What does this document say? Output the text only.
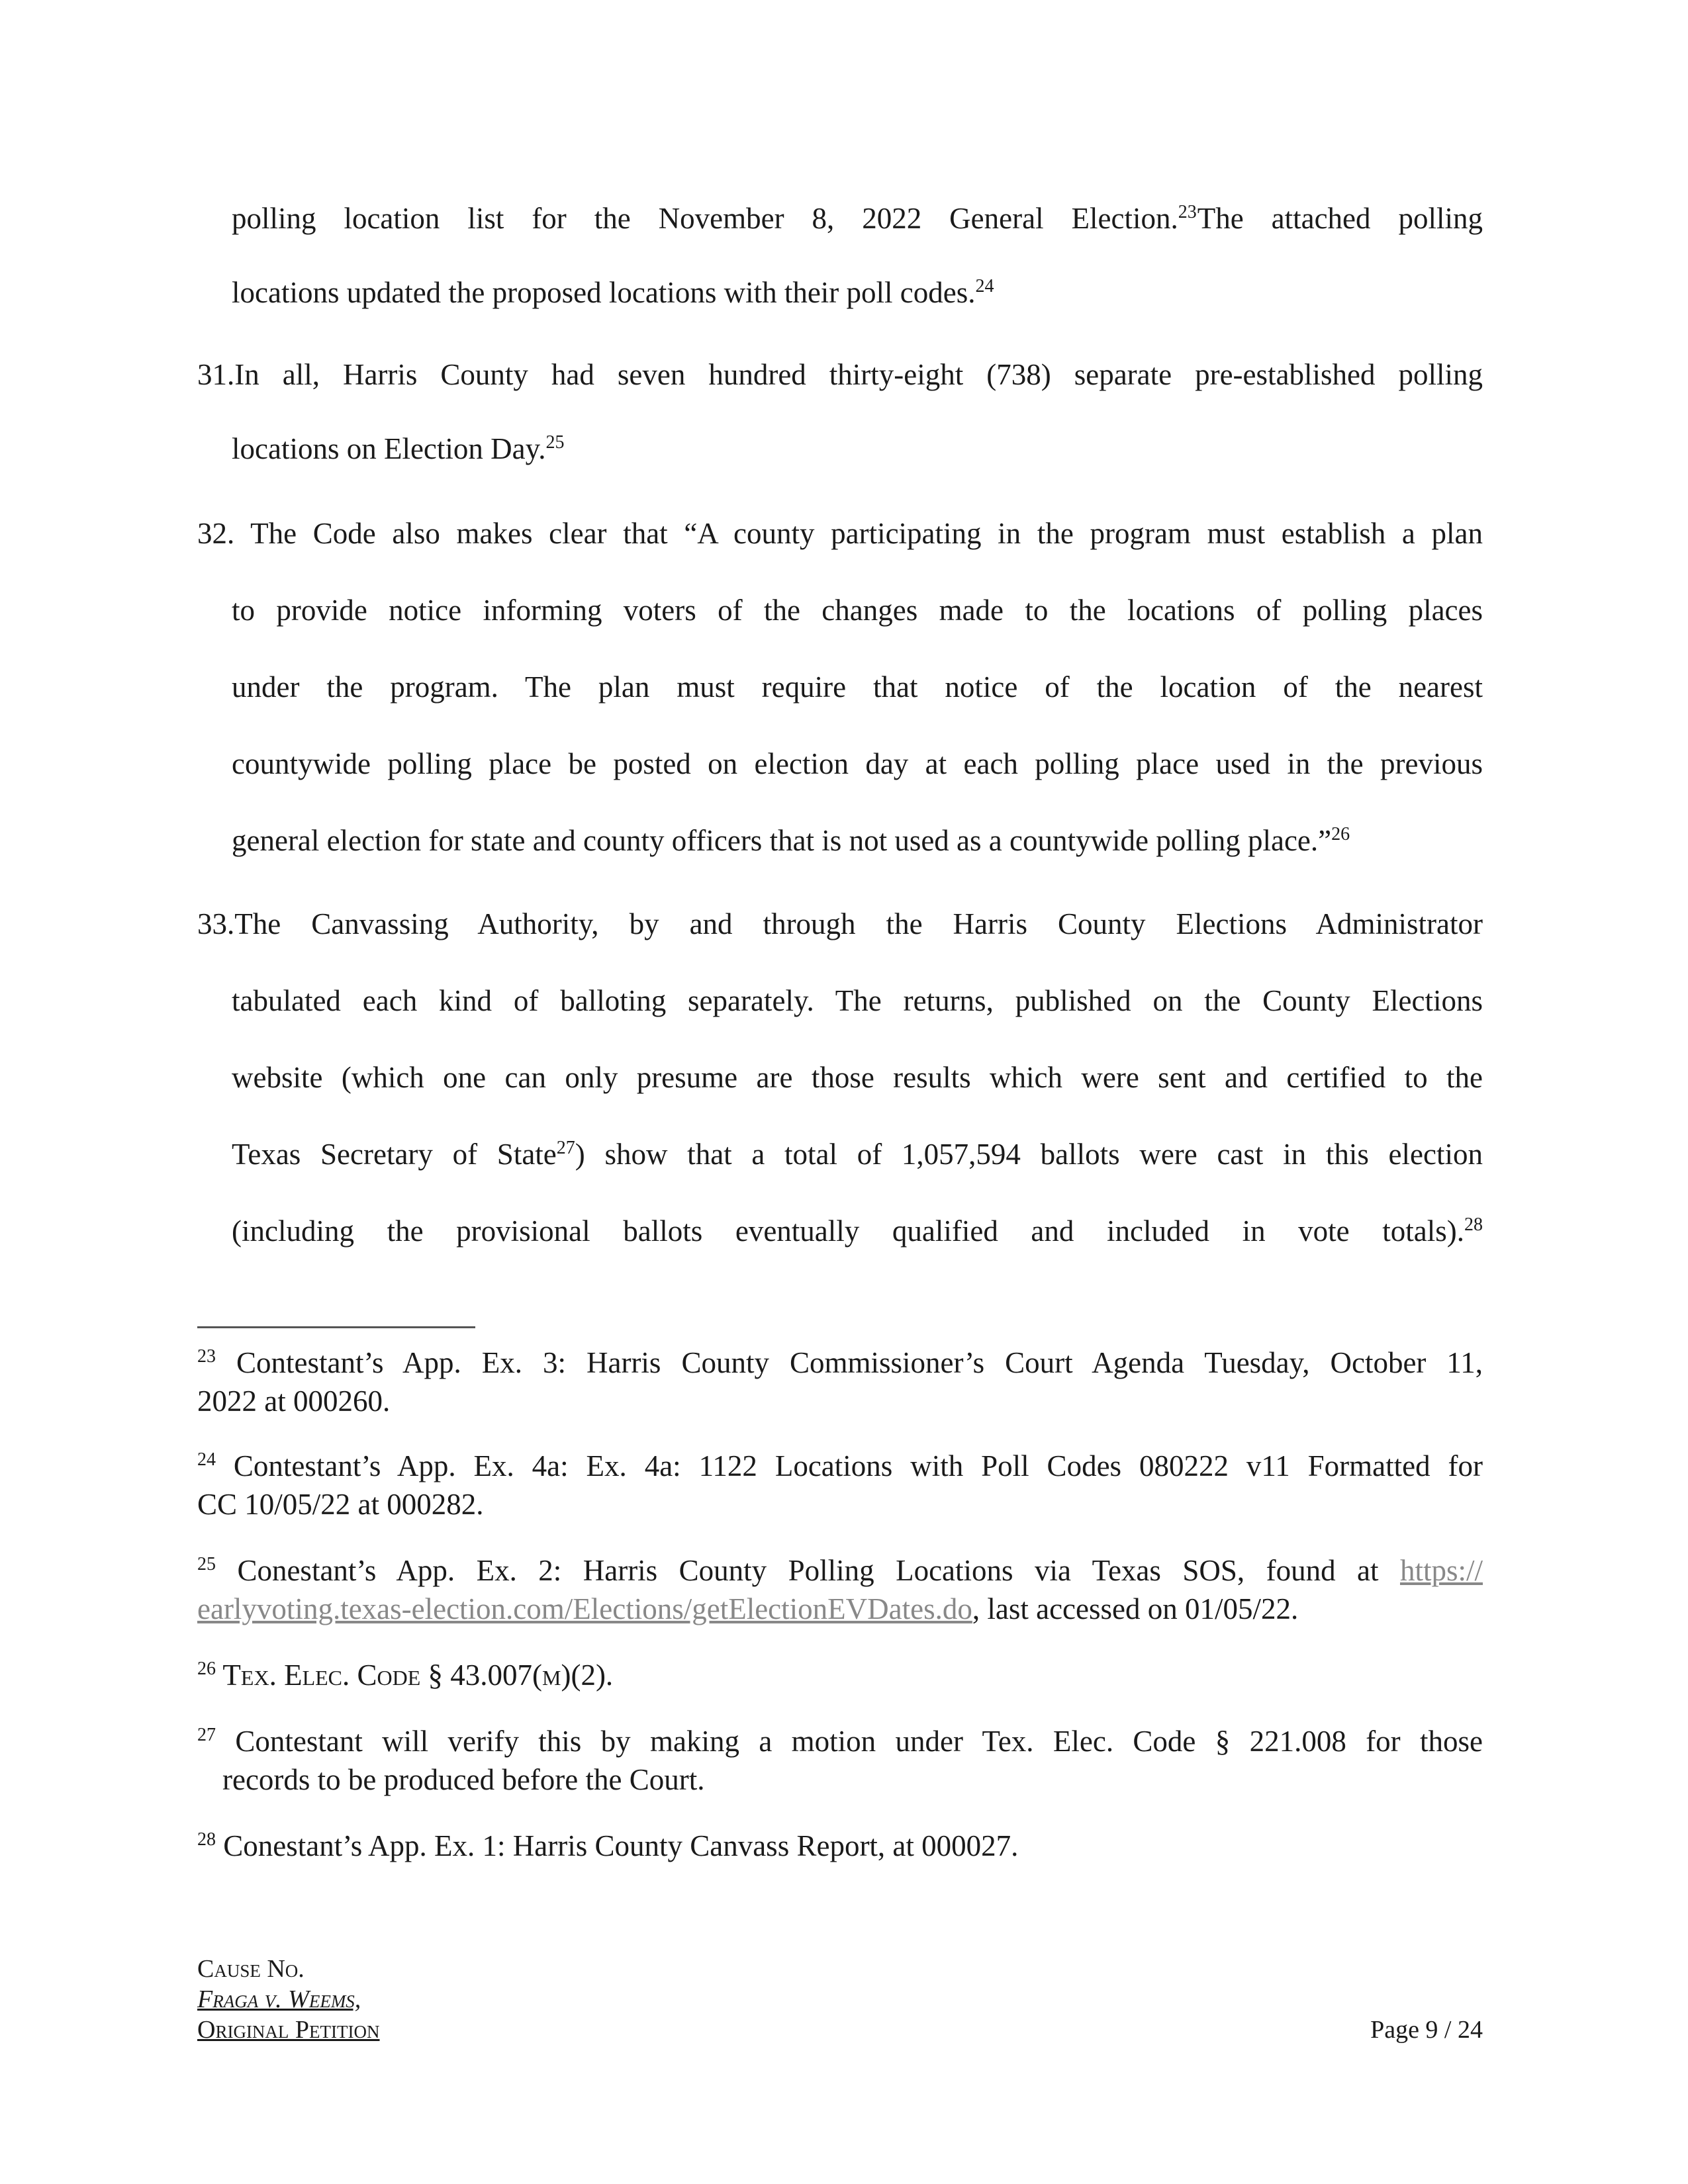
polling location list for the November 8, 2022 General Election.$^{23}$The attached polling
locations updated the proposed locations with their poll codes.$^{24}$
31.In all, Harris County had seven hundred thirty-eight (738) separate pre-established polling
locations on Election Day.$^{25}$
32. The Code also makes clear that “A county participating in the program must establish a plan
to provide notice informing voters of the changes made to the locations of polling places
under the program. The plan must require that notice of the location of the nearest
countywide polling place be posted on election day at each polling place used in the previous
general election for state and county officers that is not used as a countywide polling place.”$^{26}$
33.The Canvassing Authority, by and through the Harris County Elections Administrator
tabulated each kind of balloting separately. The returns, published on the County Elections
website (which one can only presume are those results which were sent and certified to the
Texas Secretary of State$^{27}$) show that a total of 1,057,594 ballots were cast in this election
(including the provisional ballots eventually qualified and included in vote totals).$^{28}$
$^{23}$ Contestant’s App. Ex. 3: Harris County Commissioner’s Court Agenda Tuesday, October 11,
2022 at 000260.
$^{24}$ Contestant’s App. Ex. 4a: Ex. 4a: 1122 Locations with Poll Codes 080222 v11 Formatted for
CC 10/05/22 at 000282.
$^{25}$ Conestant’s App. Ex. 2: Harris County Polling Locations via Texas SOS, found at https://
earlyvoting.texas-election.com/Elections/getElectionEVDates.do, last accessed on 01/05/22.
$^{26}$ Tex. Elec. Code § 43.007(m)(2).
$^{27}$ Contestant will verify this by making a motion under Tex. Elec. Code § 221.008 for those
records to be produced before the Court.
$^{28}$ Conestant’s App. Ex. 1: Harris County Canvass Report, at 000027.
Cause No.
Fraga v. Weems,
Original Petition	Page 9 / 24
